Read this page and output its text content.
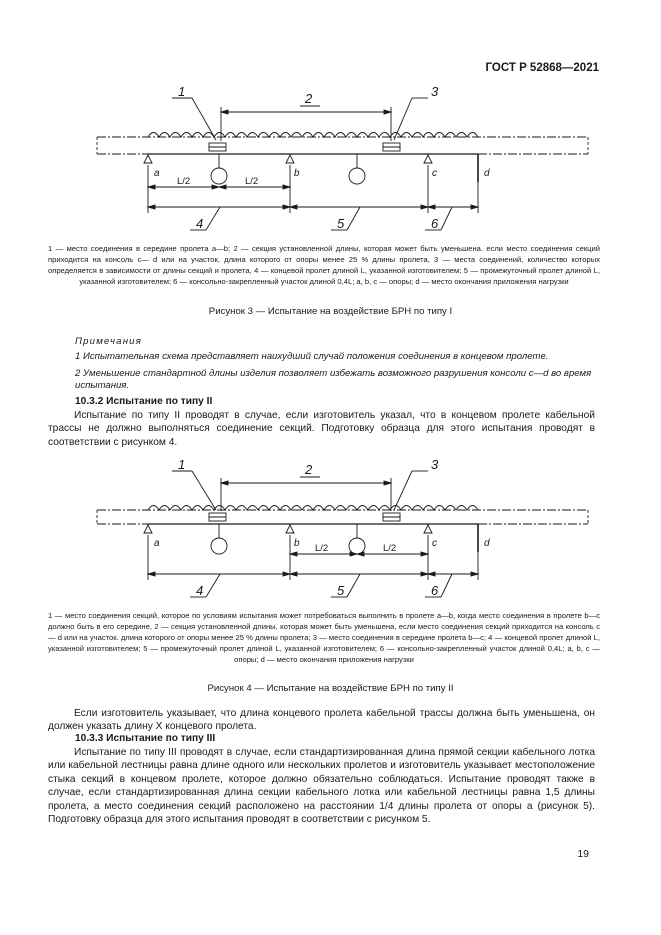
ГОСТ Р 52868—2021
1	2	3
4	5	6
a	b	c	d
L/2	L/2
1 — место соединения в середине пролета a—b; 2 — секция установленной длины, которая может быть уменьшена. если место соединения секций приходится на консоль c— d или на участок, длина которого от опоры менее 25 % длины пролета, 3 — места соединений, количество которых определяется в зависимости от длины секций и пролета, 4 — концевой пролет длиной L, указанной изготовителем; 5 — промежуточный пролет длиной L, указанной изготовителем; 6 — консольно-закрепленный участок длиной 0,4L; a, b, c — опоры; d — место окончания приложения нагрузки
Рисунок 3 — Испытание на воздействие БРН по типу I
Примечания
1 Испытательная схема представляет наихудший случай положения соединения в концевом пролете.
2 Уменьшение стандартной длины изделия позволяет избежать возможного разрушения консоли c—d во время испытания.
10.3.2 Испытание по типу II
Испытание по типу II проводят в случае, если изготовитель указал, что в концевом пролете кабельной трассы не должно выполняться соединение секций. Подготовку образца для этого испытания проводят в соответствии с рисунком 4.
1	2	3
4	5	6
a	b	c	d
L/2	L/2
1 — место соединения секций, которое по условиям испытания может потребоваться выполнить в пролете a—b, когда место соединения в пролете b—c должно быть в его середине, 2 — секция установленной длины, которая может быть уменьшена, если место соединения секций приходится на консоль c— d или на участок. длина которого от опоры менее 25 % длины пролета; 3 — место соединения в середине пролета b—c; 4 — концевой пролет длиной L, указанной изготовителем; 5 — промежуточный пролет длиной L, указанной изготовителем; 6 — консольно-закрепленный участок длиной 0,4L; a, b, c — опоры; d — место окончания приложения нагрузки
Рисунок 4 — Испытание на воздействие БРН по типу II
Если изготовитель указывает, что длина концевого пролета кабельной трассы должна быть уменьшена, он должен указать длину X концевого пролета.
10.3.3 Испытание по типу III
Испытание по типу III проводят в случае, если стандартизированная длина прямой секции кабельного лотка или кабельной лестницы равна длине одного или нескольких пролетов и изготовитель указывает местоположение стыка секций в концевом пролете, которое должно обязательно соблюдаться. Испытание проводят также в случае, если стандартизированная длина секции кабельного лотка или кабельной лестницы равна 1,5 длины пролета, а место соединения секций расположено на расстоянии 1/4 длины пролета от опоры a (рисунок 5). Подготовку образца для этого испытания проводят в соответствии с рисунком 5.
19
